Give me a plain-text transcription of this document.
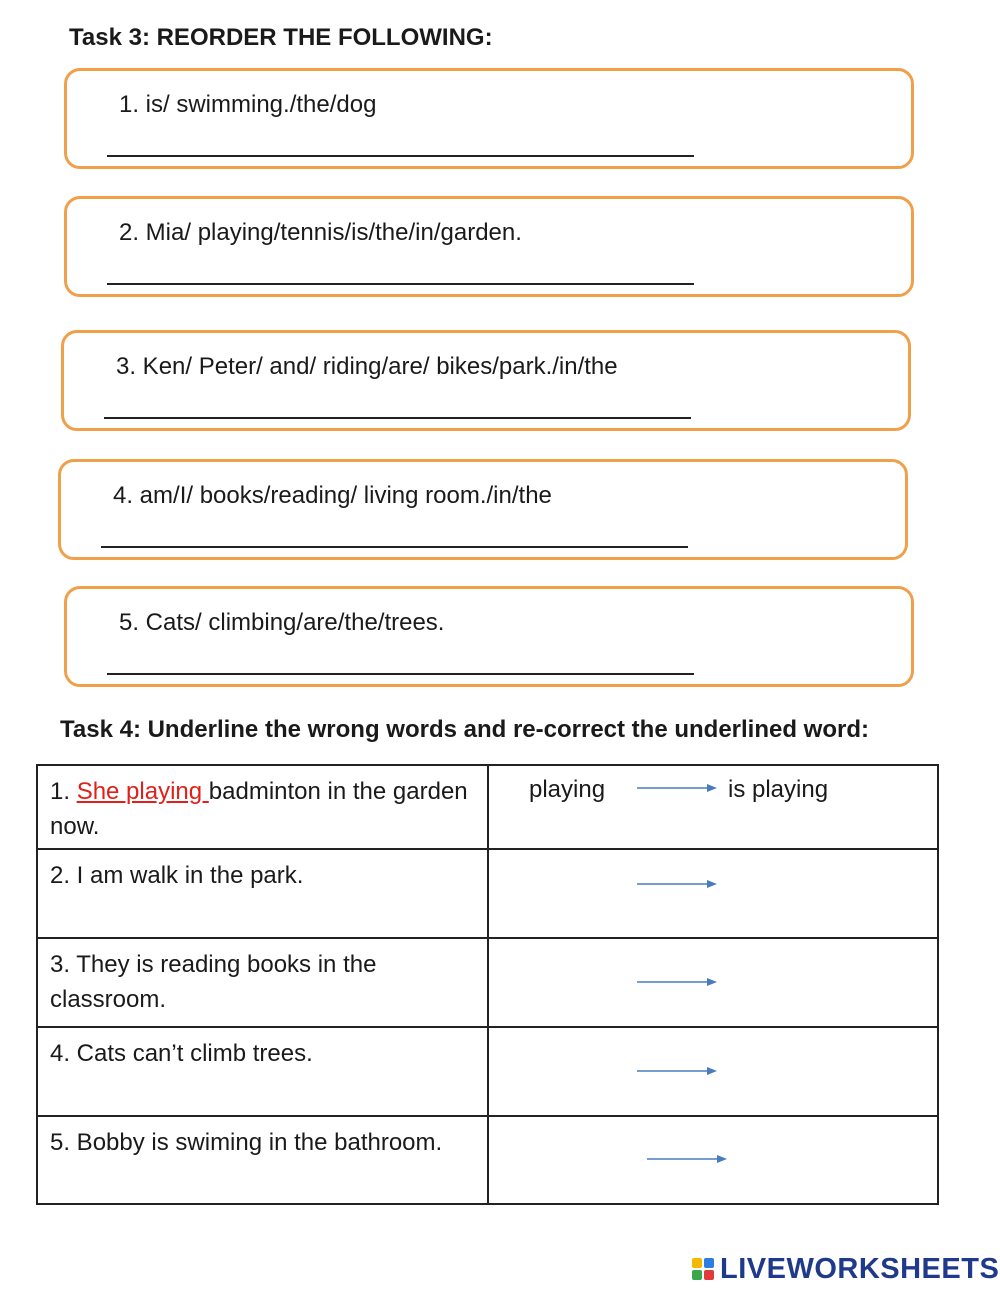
Task 3: REORDER THE FOLLOWING:
1. is/ swimming./the/dog
2. Mia/ playing/tennis/is/the/in/garden.
3. Ken/ Peter/ and/ riding/are/ bikes/park./in/the
4. am/I/ books/reading/ living room./in/the
5. Cats/ climbing/are/the/trees.
Task 4: Underline the wrong words and re-correct the underlined word:
1. She playing badminton in the garden now.	playing is playing

2. I am walk in the park.	

3. They is reading books in the classroom.	

4. Cats can’t climb trees.	

5. Bobby is swiming in the bathroom.	
LIVEWORKSHEETS
